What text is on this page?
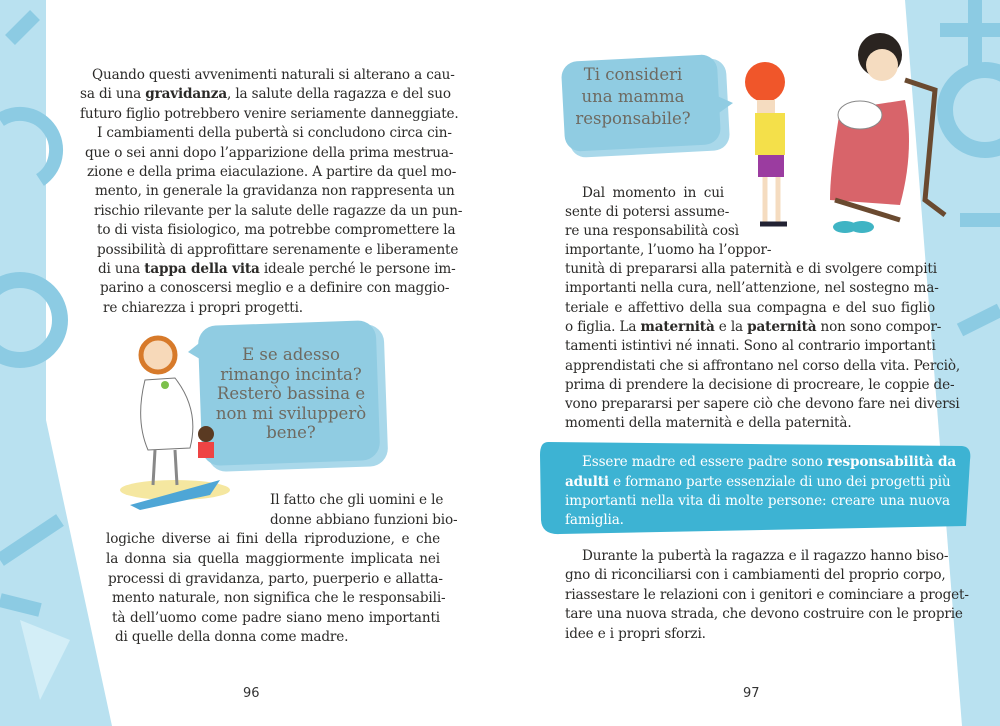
Quando questi avvenimenti naturali si alterano a cau-
sa di una gravidanza, la salute della ragazza e del suo
futuro figlio potrebbero venire seriamente danneggiate.
I cambiamenti della pubertà si concludono circa cin-
que o sei anni dopo l’apparizione della prima mestrua-
zione e della prima eiaculazione. A partire da quel mo-
mento, in generale la gravidanza non rappresenta un
rischio rilevante per la salute delle ragazze da un pun-
to di vista fisiologico, ma potrebbe compromettere la
possibilità di approfittare serenamente e liberamente
di una tappa della vita ideale perché le persone im-
parino a conoscersi meglio e a definire con maggio-
re chiarezza i propri progetti.
E se adesso
rimango incinta?
Resterò bassina e
non mi svilupperò
bene?
Il fatto che gli uomini e le
donne abbiano funzioni bio-
logiche diverse ai fini della riproduzione, e che
la donna sia quella maggiormente implicata nei
processi di gravidanza, parto, puerperio e allatta-
mento naturale, non significa che le responsabili-
tà dell’uomo come padre siano meno importanti
di quelle della donna come madre.
Ti consideri
una mamma
responsabile?
Dal momento in cui
sente di potersi assume-
re una responsabilità così
importante, l’uomo ha l’oppor-
tunità di prepararsi alla paternità e di svolgere compiti
importanti nella cura, nell’attenzione, nel sostegno ma-
teriale e affettivo della sua compagna e del suo figlio
o figlia. La maternità e la paternità non sono compor-
tamenti istintivi né innati. Sono al contrario importanti
apprendistati che si affrontano nel corso della vita. Perciò,
prima di prendere la decisione di procreare, le coppie de-
vono prepararsi per sapere ciò che devono fare nei diversi
momenti della maternità e della paternità.
Essere madre ed essere padre sono responsabilità da
adulti e formano parte essenziale di uno dei progetti più
importanti nella vita di molte persone: creare una nuova
famiglia.
Durante la pubertà la ragazza e il ragazzo hanno biso-
gno di riconciliarsi con i cambiamenti del proprio corpo,
riassestare le relazioni con i genitori e cominciare a proget-
tare una nuova strada, che devono costruire con le proprie
idee e i propri sforzi.
96	97
